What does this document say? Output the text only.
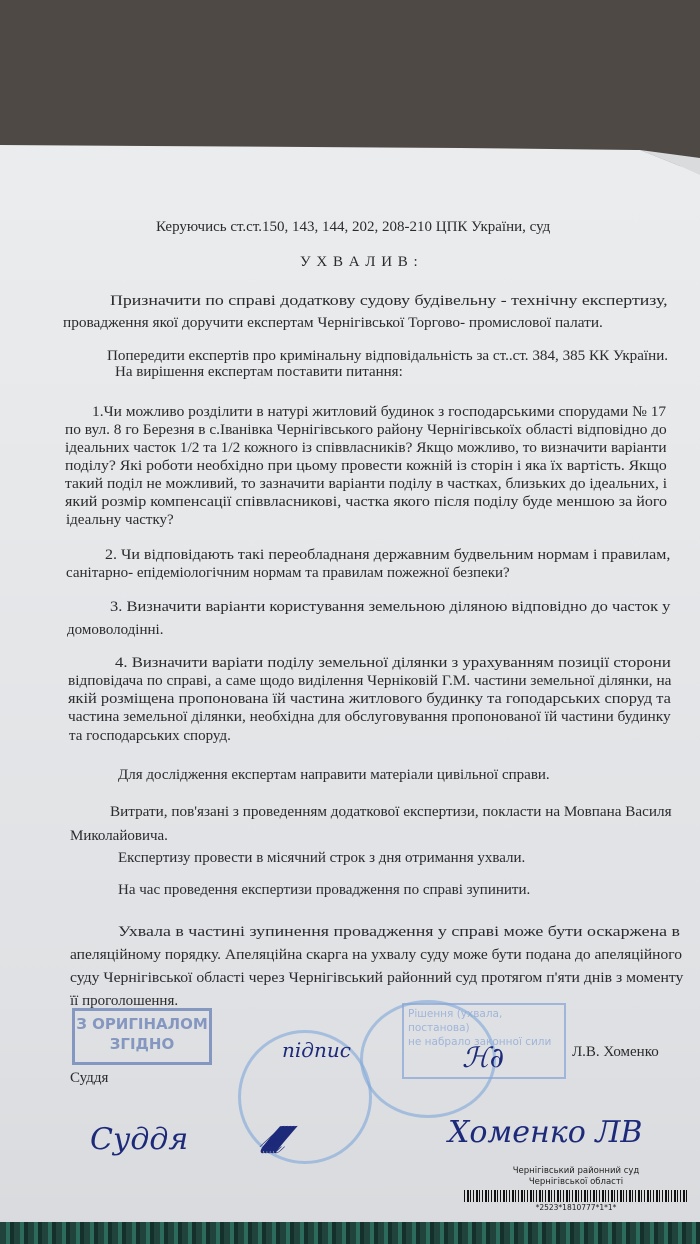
Керуючись ст.ст.150, 143, 144, 202, 208-210 ЦПК України, суд
У Х В А Л И В :
Призначити по справі додаткову судову будівельну - технічну експертизу,
провадження якої доручити експертам Чернігівської Торгово- промислової палати.
Попередити експертів про кримінальну відповідальність за ст..ст. 384, 385 КК України.
На вирішення експертам поставити питання:
1.Чи можливо розділити в натурі житловий будинок з господарськими спорудами № 17
по вул. 8 го Березня в с.Іванівка Чернігівського району Чернігівськоїх області відповідно до
ідеальних часток 1/2 та 1/2 кожного із співвласників? Якщо можливо, то визначити варіанти
поділу? Які роботи необхідно при цьому провести кожній із сторін і яка їх вартість. Якщо
такий поділ не можливий, то зазначити варіанти поділу в частках, близьких до ідеальних, і
який розмір компенсації співвласникові, частка якого після поділу буде меншою за його
ідеальну частку?
2. Чи відповідають такі переобладнаня державним будвельним нормам і правилам,
санітарно- епідеміологічним нормам та правилам пожежної безпеки?
3. Визначити варіанти користування земельною діляною відповідно до часток у
домоволодінні.
4. Визначити варіати поділу земельної ділянки з урахуванням позиції сторони
відповідача по справі, а саме щодо виділення Черніковій Г.М. частини земельної ділянки, на
якій розміщена пропонована їй частина житлового будинку та гоподарських споруд та
частина земельної ділянки, необхідна для обслуговування пропонованої їй частини будинку
та господарських споруд.
Для дослідження експертам направити матеріали цивільної справи.
Витрати, пов'язані з проведенням додаткової експертизи, покласти на Мовпана Василя
Миколайовича.
Експертизу провести в місячний строк з дня отримання ухвали.
На час проведення експертизи провадження по справі зупинити.
Ухвала в частині зупинення провадження у справі може бути оскаржена в
апеляційному порядку. Апеляційна скарга на ухвалу суду може бути подана до апеляційного
суду Чернігівської області через Чернігівський районний суд протягом п'яти днів з моменту
її проголошення.
З ОРИГІНАЛОМ
ЗГІДНО
Рішення (ухвала, постанова)
не набрало законної сили
Л.В. Хоменко
Суддя
підпис	ℋ∂
𝓁𝓁𝓁𝓁𝓁
Суддя	Хоменко ЛВ
Чернігівський районний суд
Чернігівської області
*2523*1810777*1*1*
